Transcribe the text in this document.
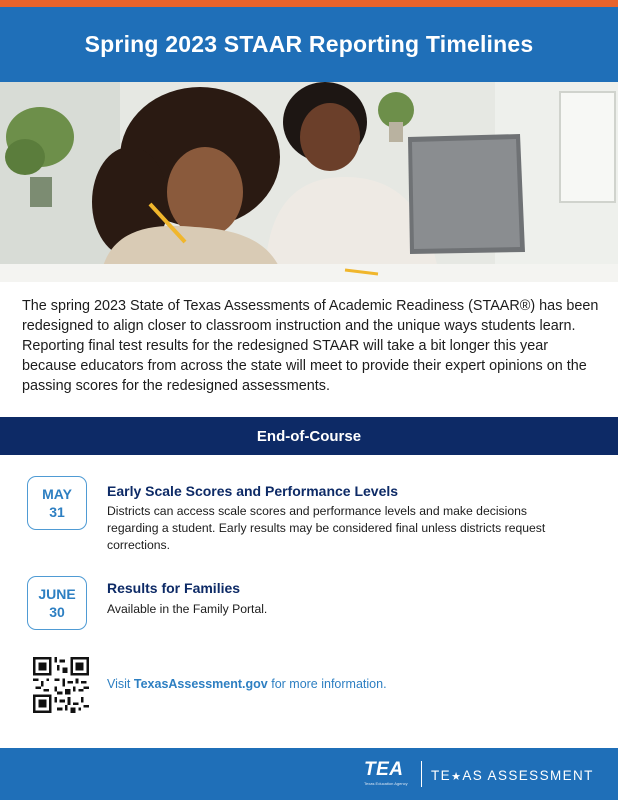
Spring 2023 STAAR Reporting Timelines

The spring 2023 State of Texas Assessments of Academic Readiness (STAAR®) has been redesigned to align closer to classroom instruction and the unique ways students learn. Reporting final test results for the redesigned STAAR will take a bit longer this year because educators from across the state will meet to provide their expert opinions on the passing scores for the redesigned assessments.

End-of-Course
MAY
31
Early Scale Scores and Performance Levels
Districts can access scale scores and performance levels and make decisions regarding a student. Early results may be considered final unless districts request corrections.
JUNE
30
Results for Families
Available in the Family Portal.
Visit TexasAssessment.gov for more information.
TEA
Texas Education Agency
TE★AS ASSESSMENT
